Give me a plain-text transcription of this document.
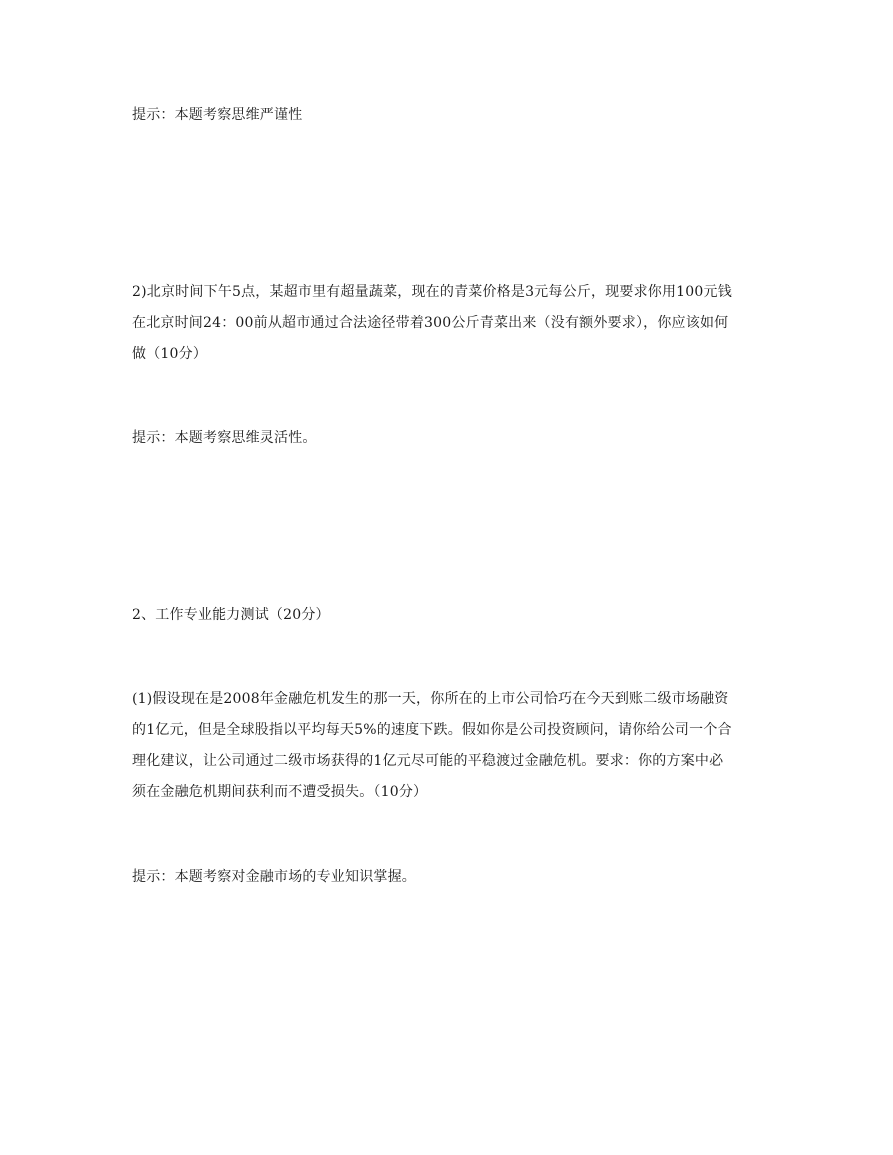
提示：本题考察思维严谨性
2)北京时间下午5点，某超市里有超量蔬菜，现在的青菜价格是3元每公斤，现要求你用100元钱
在北京时间24：00前从超市通过合法途径带着300公斤青菜出来（没有额外要求），你应该如何
做（10分）
提示：本题考察思维灵活性。
2、工作专业能力测试（20分）
(1)假设现在是2008年金融危机发生的那一天，你所在的上市公司恰巧在今天到账二级市场融资
的1亿元，但是全球股指以平均每天5%的速度下跌。假如你是公司投资顾问，请你给公司一个合
理化建议，让公司通过二级市场获得的1亿元尽可能的平稳渡过金融危机。要求：你的方案中必
须在金融危机期间获利而不遭受损失。（10分）
提示：本题考察对金融市场的专业知识掌握。
